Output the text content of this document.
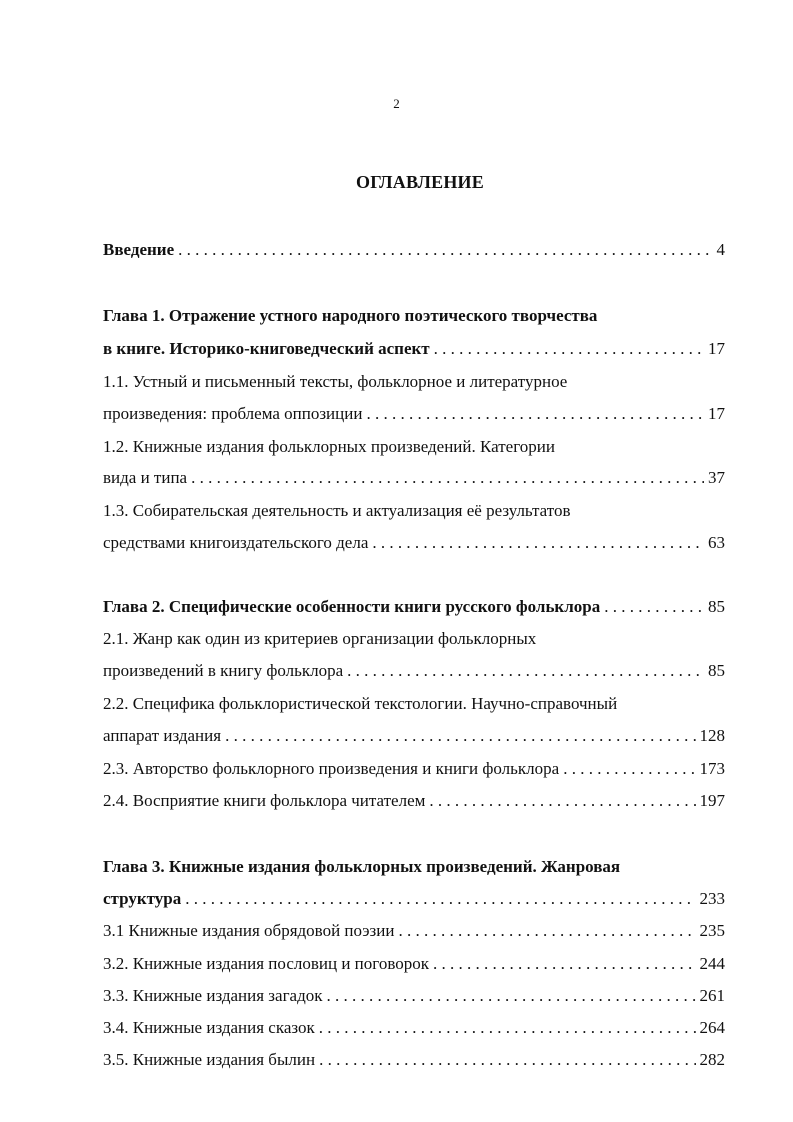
2
ОГЛАВЛЕНИЕ
Введение . . .	4
Глава 1. Отражение устного народного поэтического творчества
в книге. Историко-книговедческий аспект . . .	17
1.1. Устный и письменный тексты, фольклорное и литературное
произведения: проблема оппозиции . . .	17
1.2. Книжные издания фольклорных произведений. Категории
вида и типа . . .	37
1.3. Собирательская деятельность и актуализация её результатов
средствами книгоиздательского дела . . .	63
Глава 2. Специфические особенности книги русского фольклора . . .	85
2.1. Жанр как один из критериев организации фольклорных
произведений в книгу фольклора . . .	85
2.2. Специфика фольклористической текстологии. Научно-справочный
аппарат издания . . .	128
2.3. Авторство фольклорного произведения и книги фольклора . . .	173
2.4. Восприятие книги фольклора читателем . . .	197
Глава 3. Книжные издания фольклорных произведений. Жанровая
структура . . .	233
3.1 Книжные издания обрядовой поэзии . . .	235
3.2. Книжные издания пословиц и поговорок . . .	244
3.3. Книжные издания загадок . . .	261
3.4. Книжные издания сказок . . .	264
3.5. Книжные издания былин . . .	282
